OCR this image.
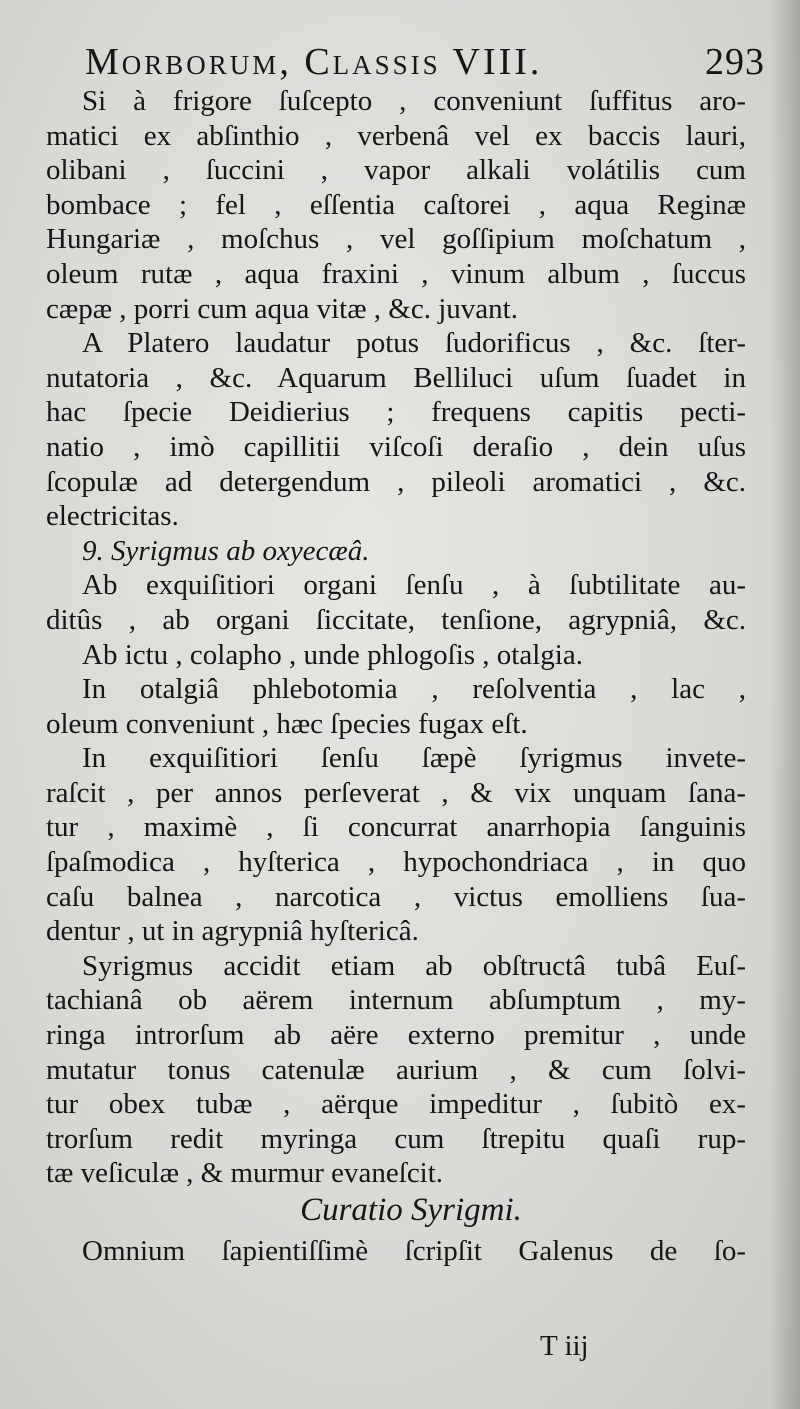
Morborum, Classis VIII.	293
Si à frigore ſuſcepto , conveniunt ſuffitus aro-
matici ex abſinthio , verbenâ vel ex baccis lauri,
olibani , ſuccini , vapor alkali volátilis cum
bombace ; fel , eſſentia caſtorei , aqua Reginæ
Hungariæ , moſchus , vel goſſipium moſchatum ,
oleum rutæ , aqua fraxini , vinum album , ſuccus
cæpæ , porri cum aqua vitæ , &c. juvant.
A Platero laudatur potus ſudorificus , &c. ſter-
nutatoria , &c. Aquarum Belliluci uſum ſuadet in
hac ſpecie Deidierius ; frequens capitis pecti-
natio , imò capillitii viſcoſi deraſio , dein uſus
ſcopulæ ad detergendum , pileoli aromatici , &c.
electricitas.
9. Syrigmus ab oxyecæâ.
Ab exquiſitiori organi ſenſu , à ſubtilitate au-
ditûs , ab organi ſiccitate, tenſione, agrypniâ, &c.
Ab ictu , colapho , unde phlogoſis , otalgia.
In otalgiâ phlebotomia , reſolventia , lac ,
oleum conveniunt , hæc ſpecies fugax eſt.
In exquiſitiori ſenſu ſæpè ſyrigmus invete-
raſcit , per annos perſeverat , & vix unquam ſana-
tur , maximè , ſi concurrat anarrhopia ſanguinis
ſpaſmodica , hyſterica , hypochondriaca , in quo
caſu balnea , narcotica , victus emolliens ſua-
dentur , ut in agrypniâ hyſtericâ.
Syrigmus accidit etiam ab obſtructâ tubâ Euſ-
tachianâ ob aërem internum abſumptum , my-
ringa introrſum ab aëre externo premitur , unde
mutatur tonus catenulæ aurium , & cum ſolvi-
tur obex tubæ , aërque impeditur , ſubitò ex-
trorſum redit myringa cum ſtrepitu quaſi rup-
tæ veſiculæ , & murmur evaneſcit.
Curatio Syrigmi.
Omnium ſapientiſſimè ſcripſit Galenus de ſo-
T iij
